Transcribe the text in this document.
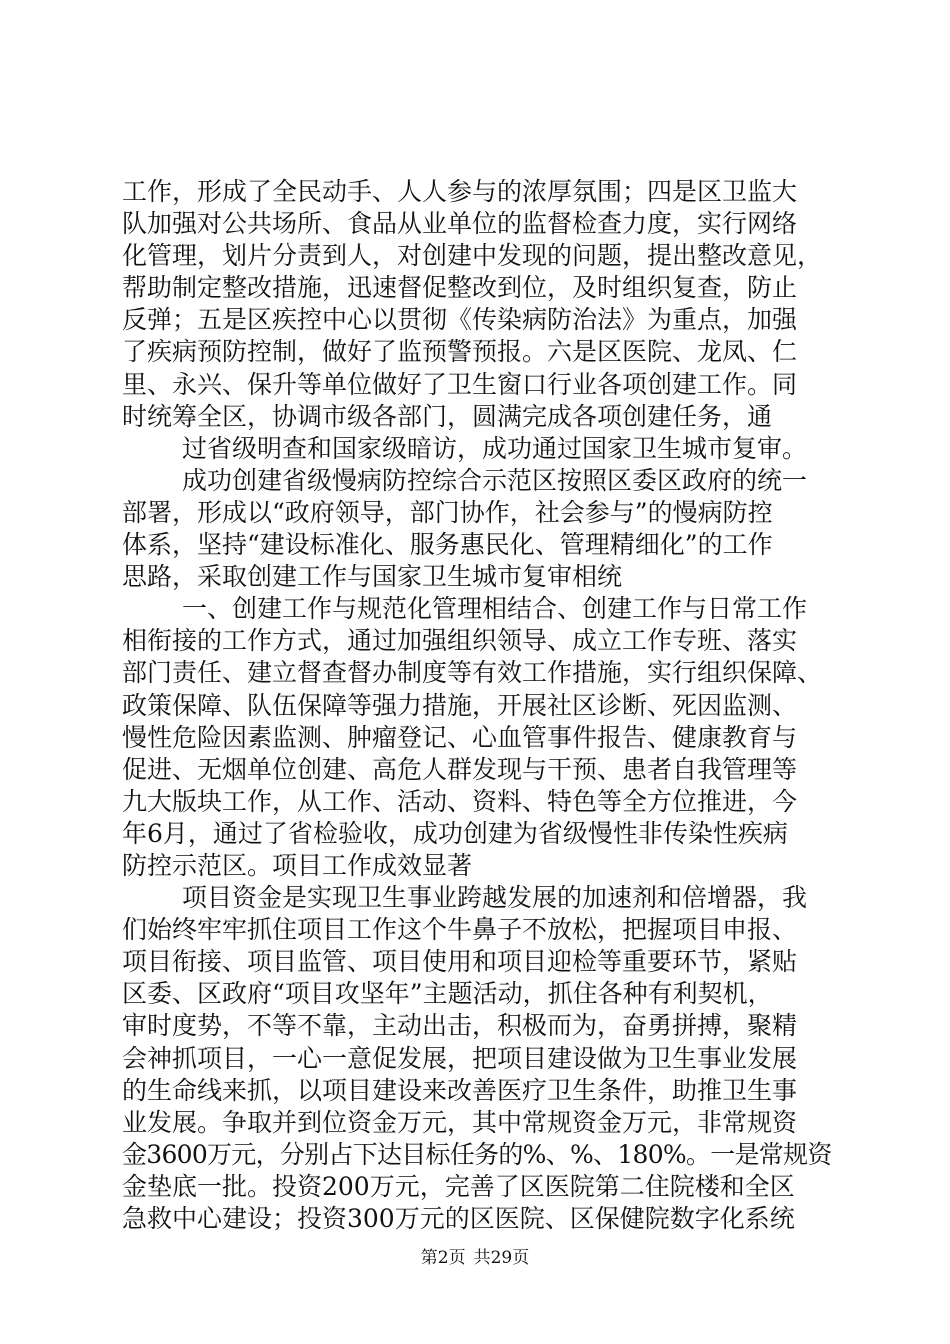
工作，形成了全民动手、人人参与的浓厚氛围；四是区卫监大
队加强对公共场所、食品从业单位的监督检查力度，实行网络
化管理，划片分责到人，对创建中发现的问题，提出整改意见，
帮助制定整改措施，迅速督促整改到位，及时组织复查，防止
反弹；五是区疾控中心以贯彻《传染病防治法》为重点，加强
了疾病预防控制，做好了监预警预报。六是区医院、龙凤、仁
里、永兴、保升等单位做好了卫生窗口行业各项创建工作。同
时统筹全区，协调市级各部门，圆满完成各项创建任务，通
过省级明查和国家级暗访，成功通过国家卫生城市复审。
成功创建省级慢病防控综合示范区按照区委区政府的统一
部署，形成以“政府领导，部门协作，社会参与”的慢病防控
体系，坚持“建设标准化、服务惠民化、管理精细化”的工作
思路，采取创建工作与国家卫生城市复审相统
一、创建工作与规范化管理相结合、创建工作与日常工作
相衔接的工作方式，通过加强组织领导、成立工作专班、落实
部门责任、建立督查督办制度等有效工作措施，实行组织保障、
政策保障、队伍保障等强力措施，开展社区诊断、死因监测、
慢性危险因素监测、肿瘤登记、心血管事件报告、健康教育与
促进、无烟单位创建、高危人群发现与干预、患者自我管理等
九大版块工作，从工作、活动、资料、特色等全方位推进，今
年6月，通过了省检验收，成功创建为省级慢性非传染性疾病
防控示范区。项目工作成效显著
项目资金是实现卫生事业跨越发展的加速剂和倍增器，我
们始终牢牢抓住项目工作这个牛鼻子不放松，把握项目申报、
项目衔接、项目监管、项目使用和项目迎检等重要环节，紧贴
区委、区政府“项目攻坚年”主题活动，抓住各种有利契机，
审时度势，不等不靠，主动出击，积极而为，奋勇拼搏，聚精
会神抓项目，一心一意促发展，把项目建设做为卫生事业发展
的生命线来抓，以项目建设来改善医疗卫生条件，助推卫生事
业发展。争取并到位资金万元，其中常规资金万元，非常规资
金3600万元，分别占下达目标任务的%、%、180%。一是常规资
金垫底一批。投资200万元，完善了区医院第二住院楼和全区
急救中心建设；投资300万元的区医院、区保健院数字化系统
第2页 共29页
